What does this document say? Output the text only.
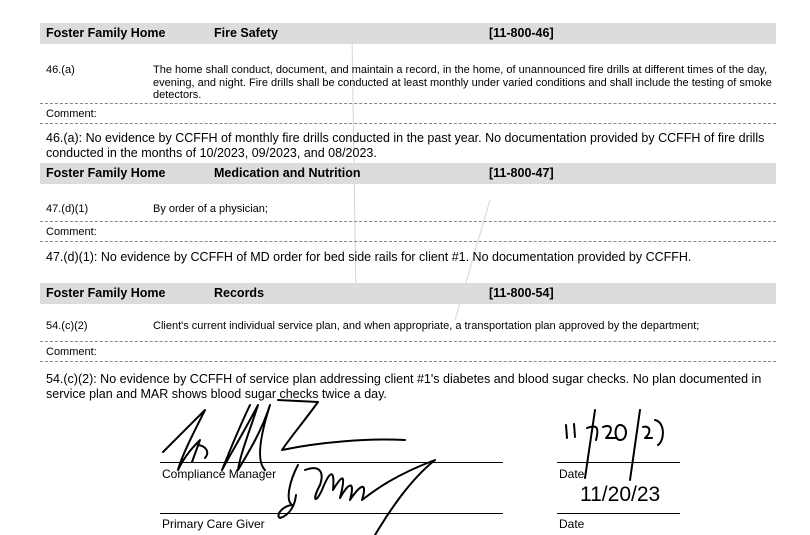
Foster Family Home	Fire Safety	[11-800-46]
46.(a)	The home shall conduct, document, and maintain a record, in the home, of unannounced fire drills at different times of the day, evening, and night. Fire drills shall be conducted at least monthly under varied conditions and shall include the testing of smoke detectors.
Comment:
46.(a): No evidence by CCFFH of monthly fire drills conducted in the past year. No documentation provided by CCFFH of fire drills conducted in the months of 10/2023, 09/2023, and 08/2023.
Foster Family Home	Medication and Nutrition	[11-800-47]
47.(d)(1)	By order of a physician;
Comment:
47.(d)(1): No evidence by CCFFH of MD order for bed side rails for client #1. No documentation provided by CCFFH.
Foster Family Home	Records	[11-800-54]
54.(c)(2)	Client's current individual service plan, and when appropriate, a transportation plan approved by the department;
Comment:
54.(c)(2): No evidence by CCFFH of service plan addressing client #1's diabetes and blood sugar checks. No plan documented in service plan and MAR shows blood sugar checks twice a day.
Compliance Manager	Date
11/20/23
Primary Care Giver	Date
